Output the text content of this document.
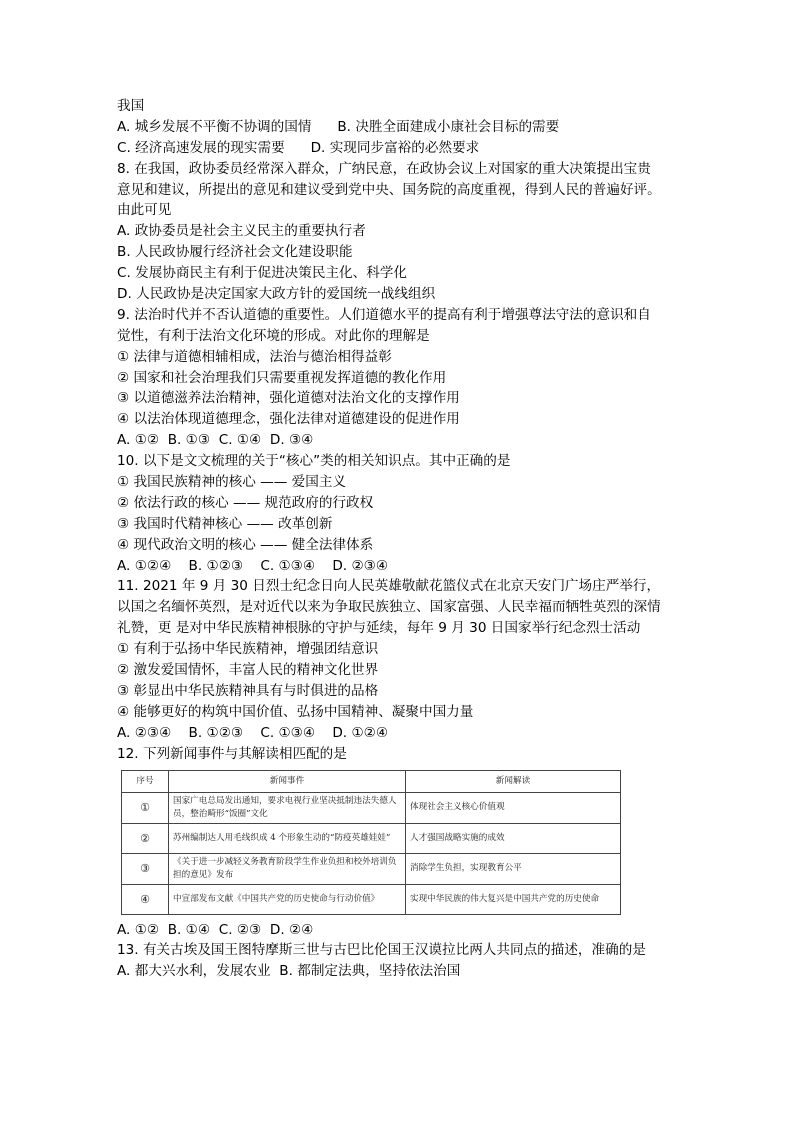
我国
A. 城乡发展不平衡不协调的国情      B. 决胜全面建成小康社会目标的需要
C. 经济高速发展的现实需要      D. 实现同步富裕的必然要求
8. 在我国，政协委员经常深入群众，广纳民意，在政协会议上对国家的重大决策提出宝贵
意见和建议，所提出的意见和建议受到党中央、国务院的高度重视，得到人民的普遍好评。
由此可见
A. 政协委员是社会主义民主的重要执行者
B. 人民政协履行经济社会文化建设职能
C. 发展协商民主有利于促进决策民主化、科学化
D. 人民政协是决定国家大政方针的爱国统一战线组织
9. 法治时代并不否认道德的重要性。人们道德水平的提高有利于增强尊法守法的意识和自
觉性，有利于法治文化环境的形成。对此你的理解是
① 法律与道德相辅相成，法治与德治相得益彰
② 国家和社会治理我们只需要重视发挥道德的教化作用
③ 以道德滋养法治精神，强化道德对法治文化的支撑作用
④ 以法治体现道德理念，强化法律对道德建设的促进作用
A. ①②  B. ①③  C. ①④  D. ③④
10. 以下是文文梳理的关于“核心”类的相关知识点。其中正确的是
① 我国民族精神的核心 —— 爱国主义
② 依法行政的核心 —— 规范政府的行政权
③ 我国时代精神核心 —— 改革创新
④ 现代政治文明的核心 —— 健全法律体系
A. ①②④    B. ①②③    C. ①③④    D. ②③④
11. 2021 年 9 月 30 日烈士纪念日向人民英雄敬献花篮仪式在北京天安门广场庄严举行，
以国之名缅怀英烈，是对近代以来为争取民族独立、国家富强、人民幸福而牺牲英烈的深情
礼赞，更 是对中华民族精神根脉的守护与延续，每年 9 月 30 日国家举行纪念烈士活动
① 有利于弘扬中华民族精神，增强团结意识
② 激发爱国情怀，丰富人民的精神文化世界
③ 彰显出中华民族精神具有与时俱进的品格
④ 能够更好的构筑中国价值、弘扬中国精神、凝聚中国力量
A. ②③④    B. ①②③    C. ①③④    D. ①②④
12. 下列新闻事件与其解读相匹配的是
序号	新闻事件	新闻解读
①	国家广电总局发出通知，要求电视行业坚决抵制违法失德人员，整治畸形“饭圈”文化	体现社会主义核心价值观
②	苏州编制达人用毛线织成 4 个形象生动的“防疫英雄娃娃”	人才强国战略实施的成效
③	《关于进一步减轻义务教育阶段学生作业负担和校外培训负担的意见》发布	消除学生负担，实现教育公平
④	中宣部发布文献《中国共产党的历史使命与行动价值》	实现中华民族的伟大复兴是中国共产党的历史使命
A. ①②  B. ①④  C. ②③  D. ②④
13. 有关古埃及国王图特摩斯三世与古巴比伦国王汉谟拉比两人共同点的描述，准确的是
A. 都大兴水利，发展农业  B. 都制定法典，坚持依法治国
